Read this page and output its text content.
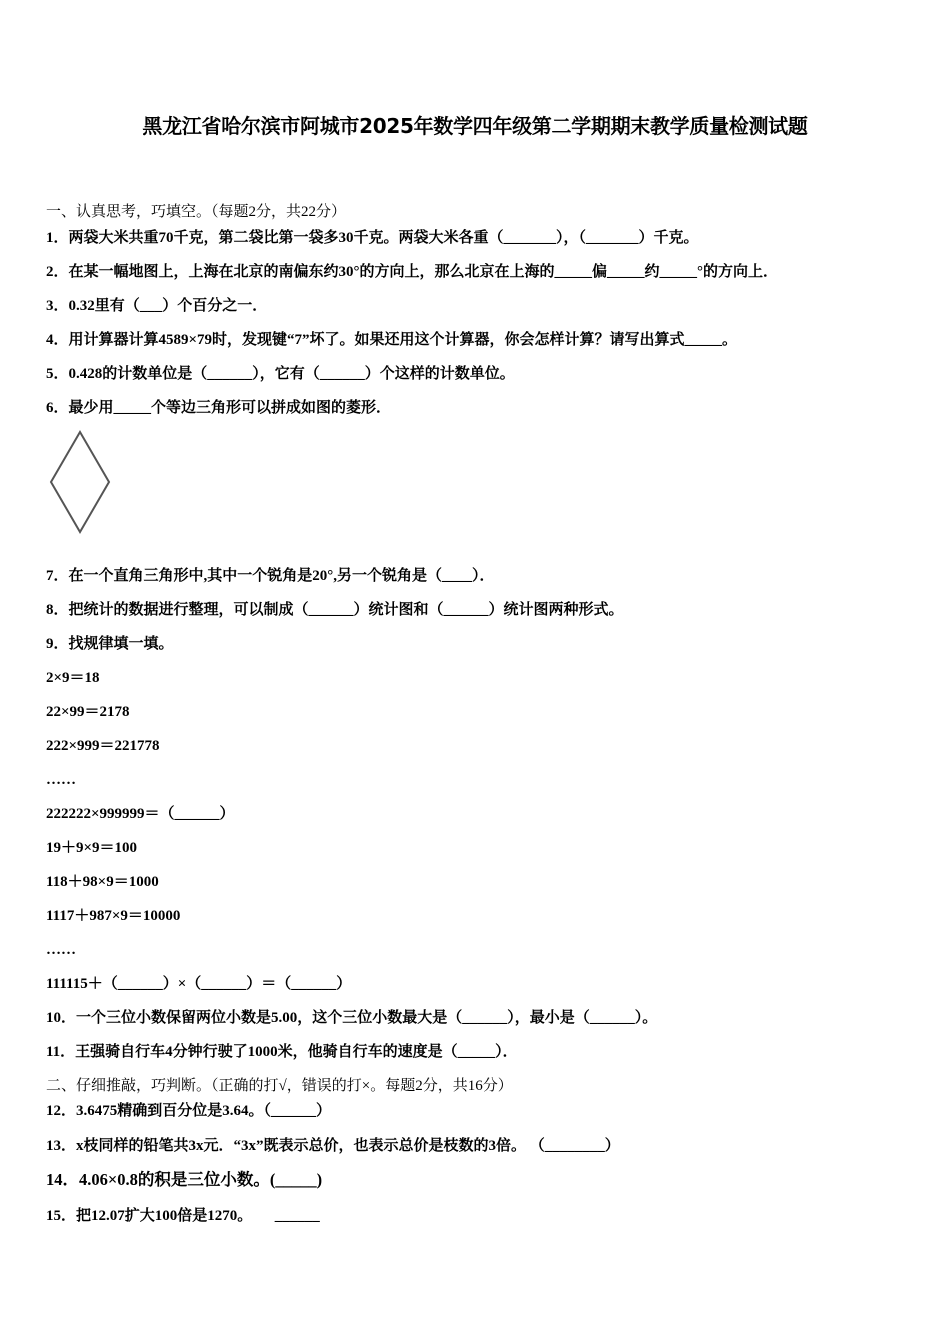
黑龙江省哈尔滨市阿城市2025年数学四年级第二学期期末教学质量检测试题
一、认真思考，巧填空。（每题2分，共22分）
1．两袋大米共重70千克，第二袋比第一袋多30千克。两袋大米各重（_______），（_______）千克。
2．在某一幅地图上，上海在北京的南偏东约30°的方向上，那么北京在上海的_____偏_____约_____°的方向上．
3．0.32里有（___）个百分之一．
4．用计算器计算4589×79时，发现键“7”坏了。如果还用这个计算器，你会怎样计算？请写出算式_____。
5．0.428的计数单位是（______），它有（______）个这样的计数单位。
6．最少用_____个等边三角形可以拼成如图的菱形．
7．在一个直角三角形中,其中一个锐角是20°,另一个锐角是（____）．
8．把统计的数据进行整理，可以制成（______）统计图和（______）统计图两种形式。
9．找规律填一填。
2×9＝18
22×99＝2178
222×999＝221778
……
222222×999999＝（______）
19＋9×9＝100
118＋98×9＝1000
1117＋987×9＝10000
……
111115＋（______）×（______）＝（______）
10．一个三位小数保留两位小数是5.00，这个三位小数最大是（______），最小是（______）。
11．王强骑自行车4分钟行驶了1000米，他骑自行车的速度是（_____）．
二、仔细推敲，巧判断。（正确的打√，错误的打×。每题2分，共16分）
12．3.6475精确到百分位是3.64。（______）
13．x枝同样的铅笔共3x元．“3x”既表示总价，也表示总价是枝数的3倍。 （________）
14．4.06×0.8的积是三位小数。(_____)
15．把12.07扩大100倍是1270。　　______
